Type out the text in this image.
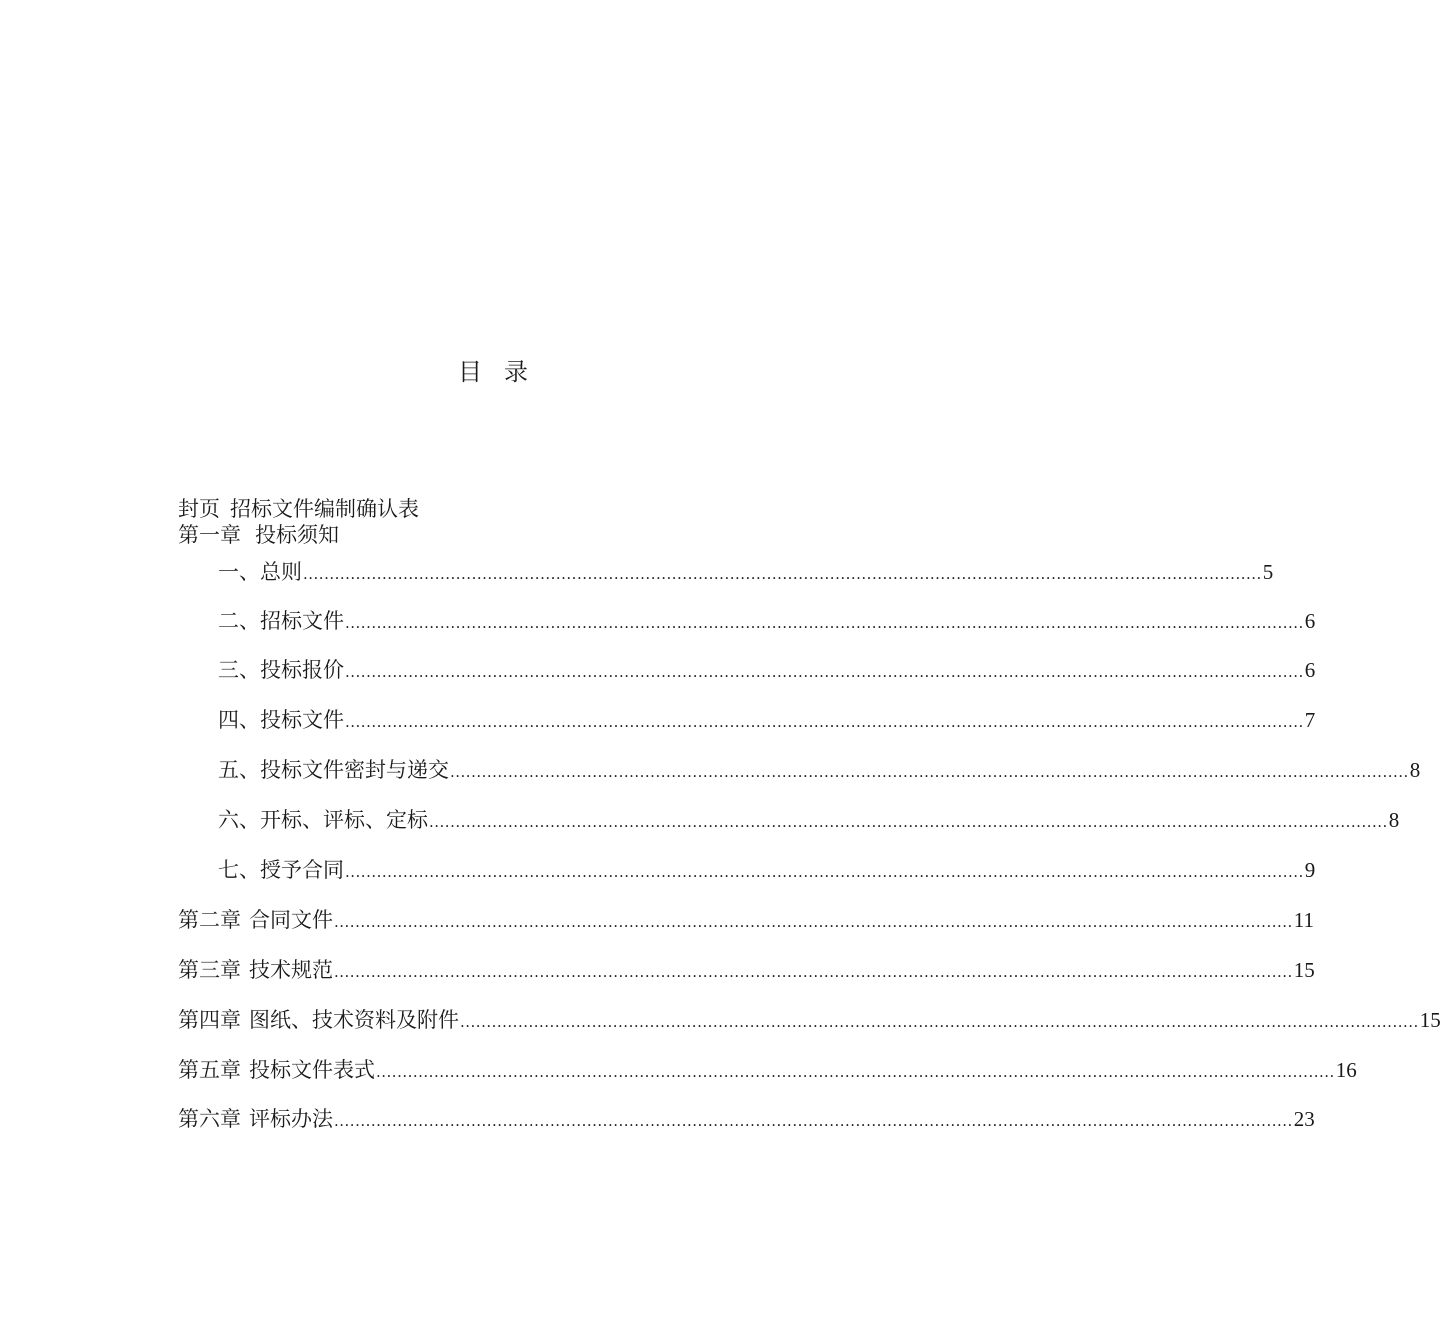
目 录
封页 招标文件编制确认表
第一章 投标须知
一、总则 ...................................................................................................................................................................................... 5
二、招标文件 ...................................................................................................................................................................................... 6
三、投标报价 ...................................................................................................................................................................................... 6
四、投标文件 ...................................................................................................................................................................................... 7
五、投标文件密封与递交 ...................................................................................................................................................................................... 8
六、开标、评标、定标 ...................................................................................................................................................................................... 8
七、授予合同 ...................................................................................................................................................................................... 9
第二章 合同文件 ...................................................................................................................................................................................... 11
第三章 技术规范 ...................................................................................................................................................................................... 15
第四章 图纸、技术资料及附件 ...................................................................................................................................................................................... 15
第五章 投标文件表式 ...................................................................................................................................................................................... 16
第六章 评标办法 ...................................................................................................................................................................................... 23
